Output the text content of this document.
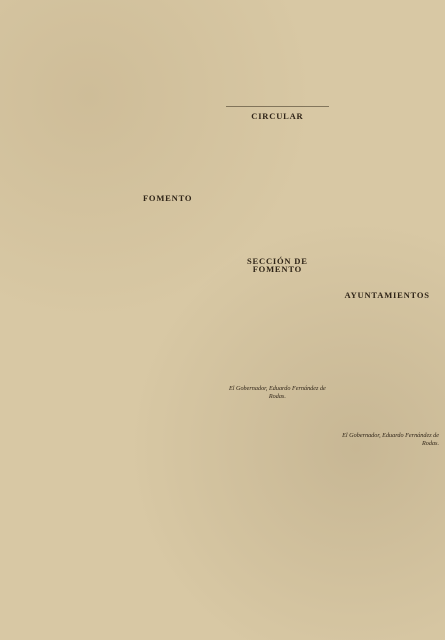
FOMENTO

CIRCULAR

SECCIÓN DE FOMENTO

El Gobernador, Eduardo Fernández de Rodas.

AYUNTAMIENTOS

El Gobernador, Eduardo Fernández de Rodas.
